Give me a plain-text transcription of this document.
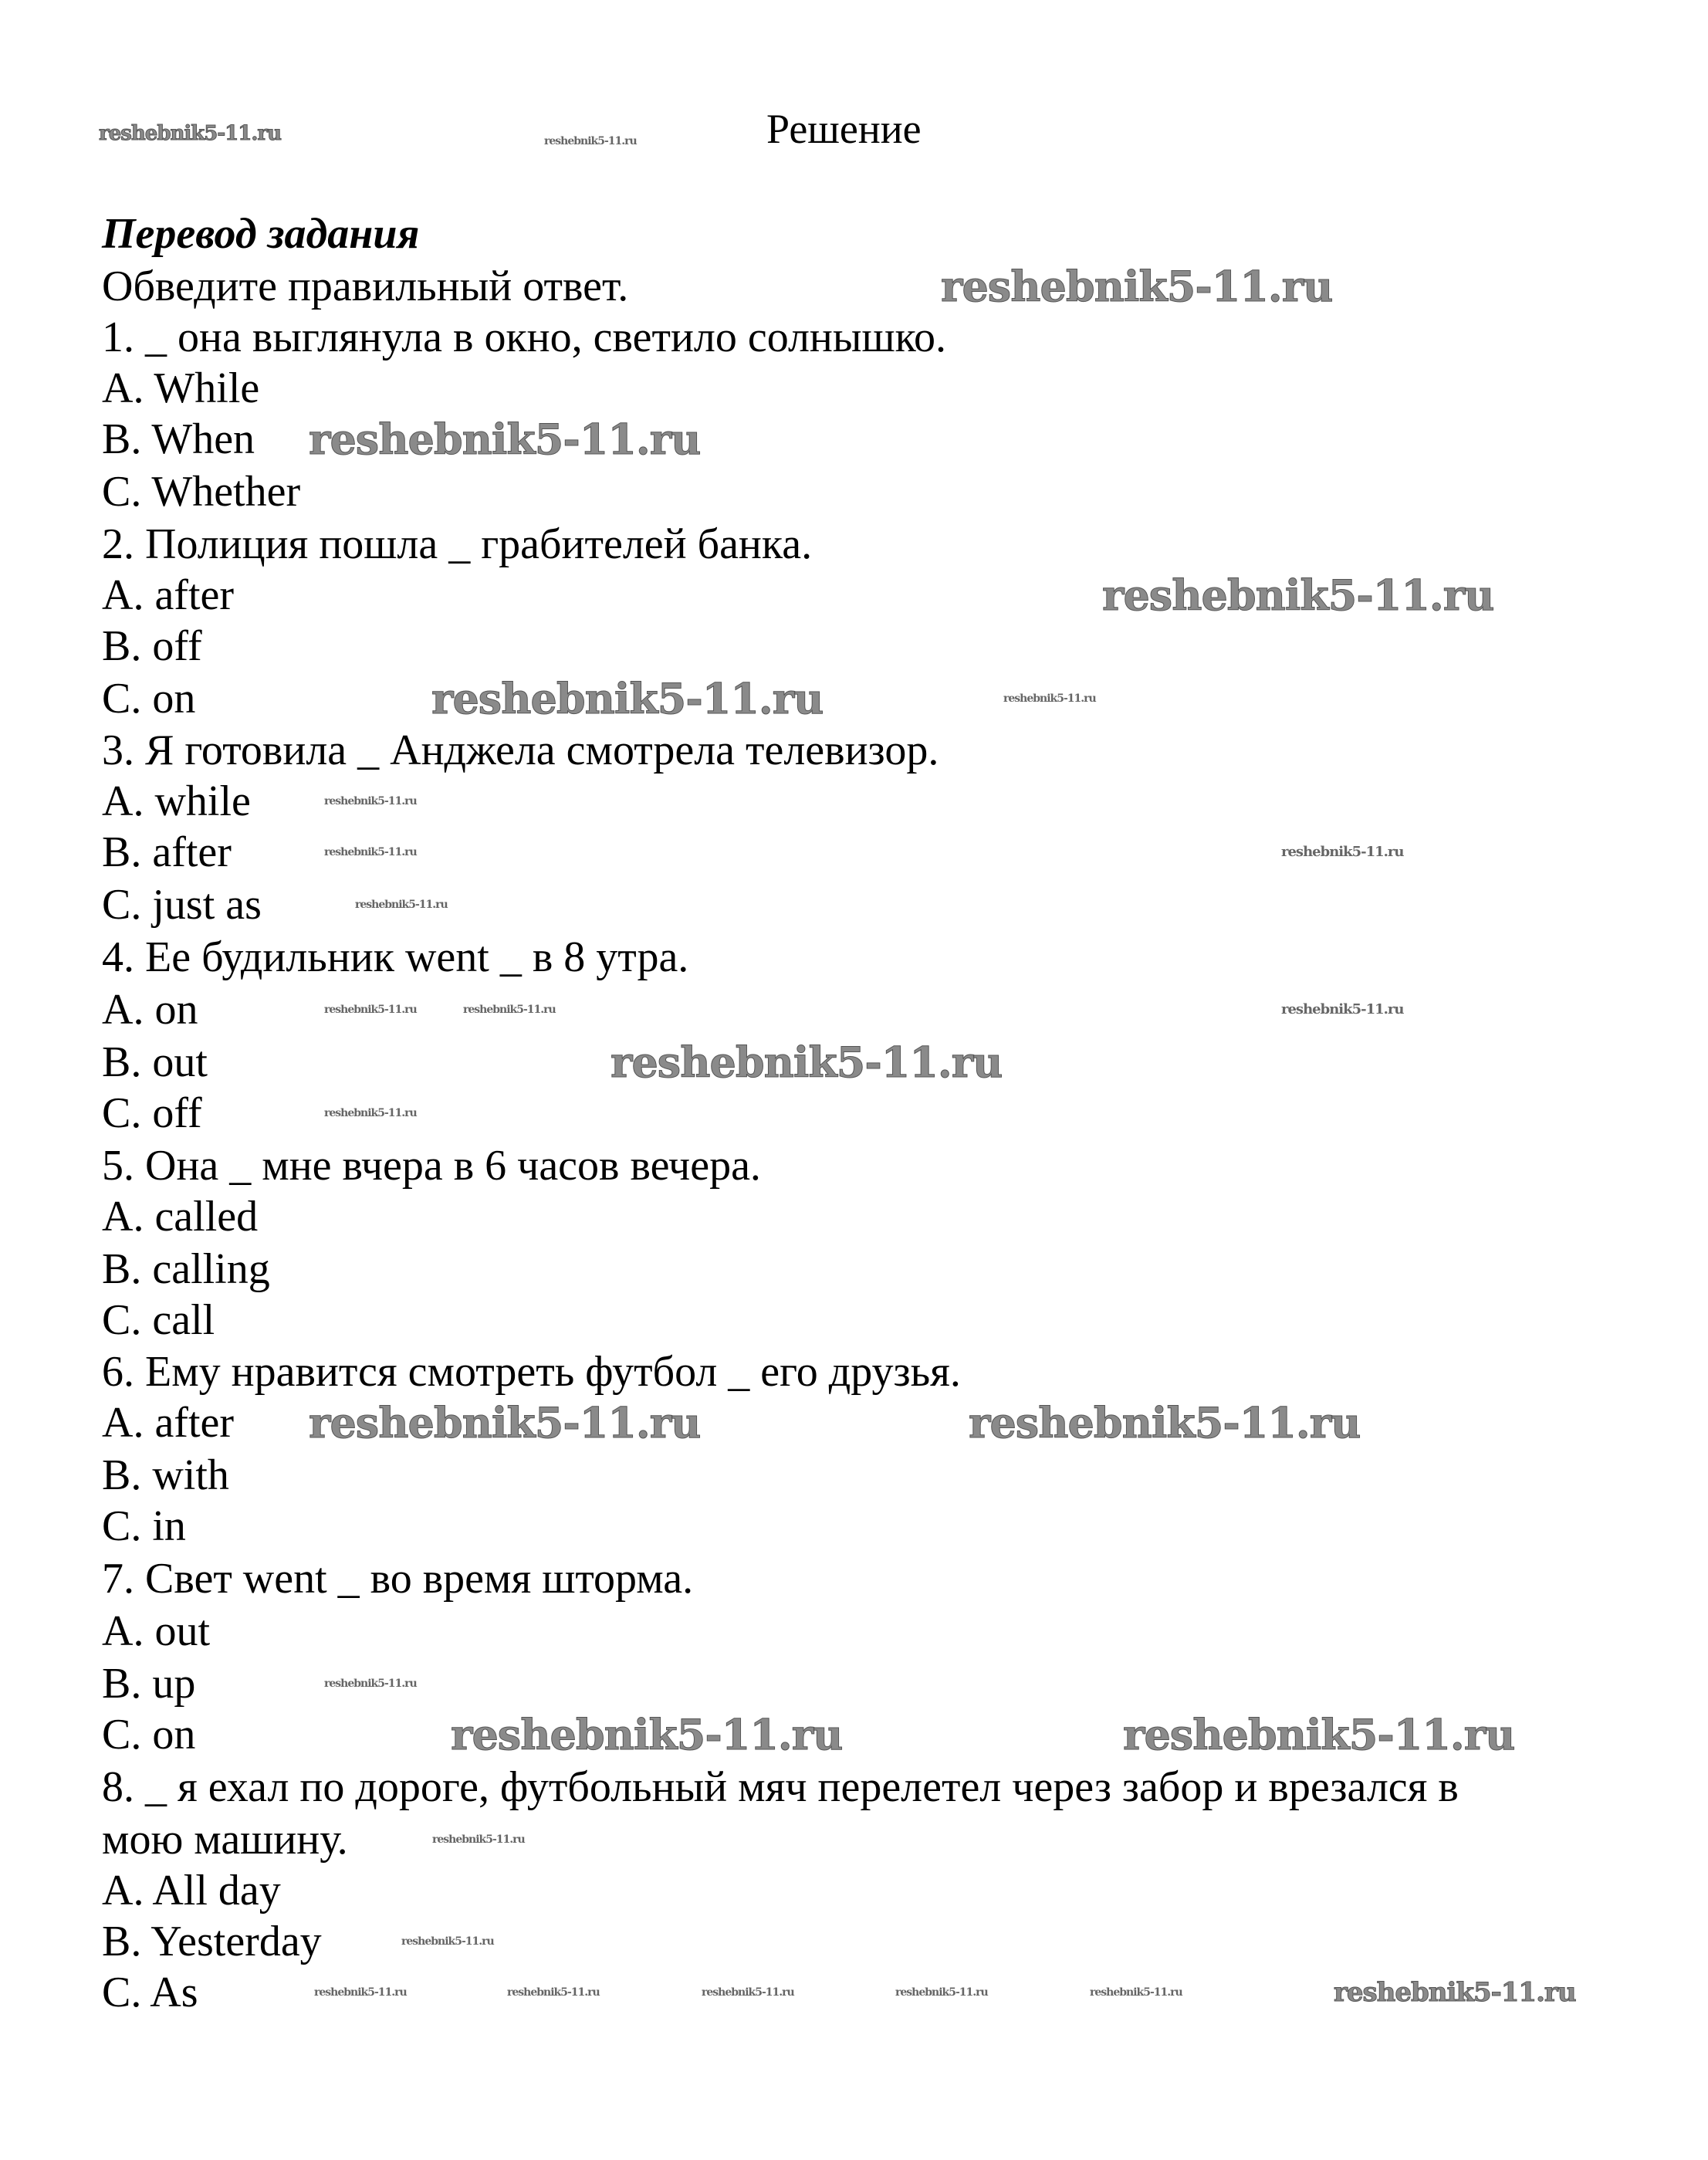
Решение
Перевод задания
Обведите правильный ответ.
1. _ она выглянула в окно, светило солнышко.
A. While
B. When
C. Whether
2. Полиция пошла _ грабителей банка.
A. after
B. off
C. on
3. Я готовила _ Анджела смотрела телевизор.
A. while
B. after
C. just as
4. Ее будильник went _ в 8 утра.
A. on
B. out
C. off
5. Она _ мне вчера в 6 часов вечера.
A. called
B. calling
C. call
6. Ему нравится смотреть футбол _ его друзья.
A. after
B. with
C. in
7. Свет went _ во время шторма.
A. out
B. up
C. on
8. _ я ехал по дороге, футбольный мяч перелетел через забор и врезался в
мою машину.
A. All day
B. Yesterday
C. As
reshebnik5-11.ru	reshebnik5-11.ru
reshebnik5-11.ru
reshebnik5-11.ru
reshebnik5-11.ru
reshebnik5-11.ru
reshebnik5-11.ru
reshebnik5-11.ru	reshebnik5-11.ru
reshebnik5-11.ru	reshebnik5-11.ru
reshebnik5-11.ru
reshebnik5-11.ru
reshebnik5-11.ru
reshebnik5-11.ru
reshebnik5-11.ru
reshebnik5-11.ru
reshebnik5-11.ru
reshebnik5-11.ru	reshebnik5-11.ru
reshebnik5-11.ru
reshebnik5-11.ru
reshebnik5-11.ru
reshebnik5-11.ru
reshebnik5-11.ru	reshebnik5-11.ru	reshebnik5-11.ru	reshebnik5-11.ru	reshebnik5-11.ru
